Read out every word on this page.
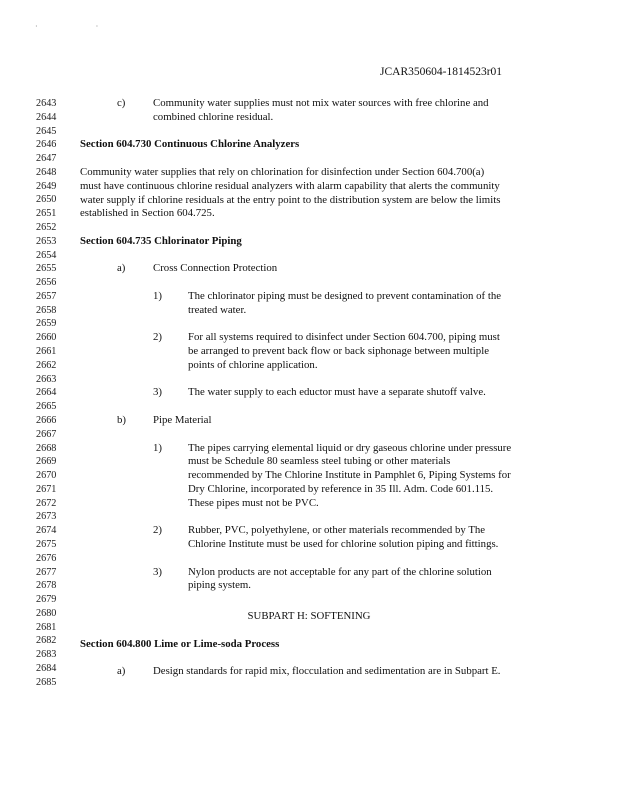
· ·
JCAR350604-1814523r01
2643
2644
2645
2646
2647
2648
2649
2650
2651
2652
2653
2654
2655
2656
2657
2658
2659
2660
2661
2662
2663
2664
2665
2666
2667
2668
2669
2670
2671
2672
2673
2674
2675
2676
2677
2678
2679
2680
2681
2682
2683
2684
2685
c)	Community water supplies must not mix water sources with free chlorine and
combined chlorine residual.
Section 604.730 Continuous Chlorine Analyzers
Community water supplies that rely on chlorination for disinfection under Section 604.700(a)
must have continuous chlorine residual analyzers with alarm capability that alerts the community
water supply if chlorine residuals at the entry point to the distribution system are below the limits
established in Section 604.725.
Section 604.735 Chlorinator Piping
a)	Cross Connection Protection
1) The chlorinator piping must be designed to prevent contamination of the
treated water.
2) For all systems required to disinfect under Section 604.700, piping must
be arranged to prevent back flow or back siphonage between multiple
points of chlorine application.
3) The water supply to each eductor must have a separate shutoff valve.
b)	Pipe Material
1) The pipes carrying elemental liquid or dry gaseous chlorine under pressure
must be Schedule 80 seamless steel tubing or other materials
recommended by The Chlorine Institute in Pamphlet 6, Piping Systems for
Dry Chlorine, incorporated by reference in 35 Ill. Adm. Code 601.115.
These pipes must not be PVC.
2) Rubber, PVC, polyethylene, or other materials recommended by The
Chlorine Institute must be used for chlorine solution piping and fittings.
3) Nylon products are not acceptable for any part of the chlorine solution
piping system.
SUBPART H: SOFTENING
Section 604.800 Lime or Lime-soda Process
a)	Design standards for rapid mix, flocculation and sedimentation are in Subpart E.
